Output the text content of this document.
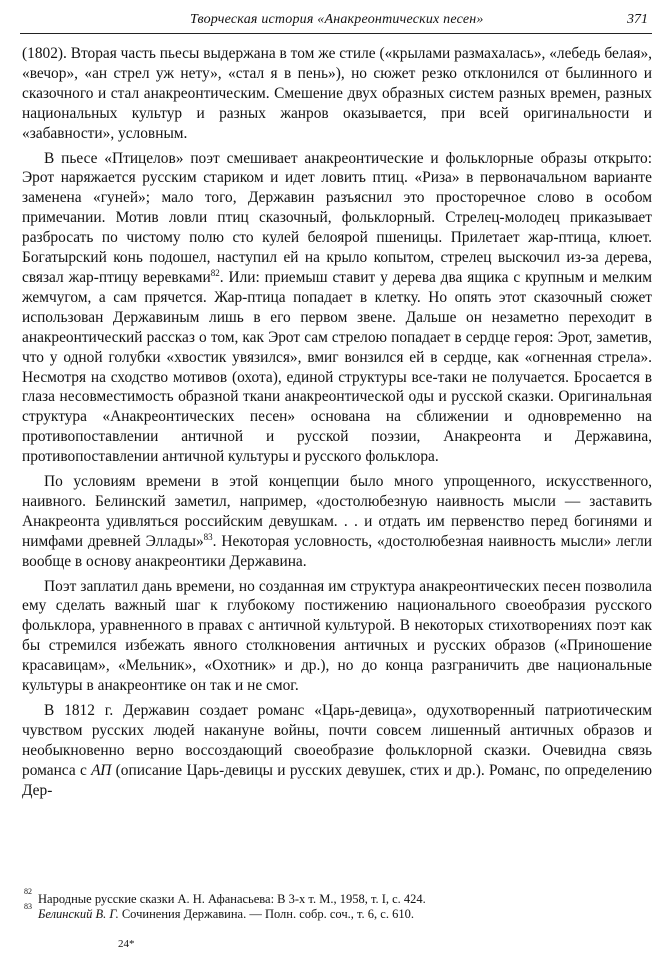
Творческая история «Анакреонтических песен»	371

(1802). Вторая часть пьесы выдержана в том же стиле («крылами размахалась», «лебедь белая», «вечор», «ан стрел уж нету», «стал я в пень»), но сюжет резко отклонился от былинного и сказочного и стал анакреонтическим. Смешение двух образных систем разных времен, разных национальных культур и разных жанров оказывается, при всей оригинальности и «забавности», условным.

В пьесе «Птицелов» поэт смешивает анакреонтические и фольклорные образы открыто: Эрот наряжается русским стариком и идет ловить птиц. «Риза» в первоначальном варианте заменена «гуней»; мало того, Державин разъяснил это просторечное слово в особом примечании. Мотив ловли птиц сказочный, фольклорный. Стрелец-молодец приказывает разбросать по чистому полю сто кулей белоярой пшеницы. Прилетает жар-птица, клюет. Богатырский конь подошел, наступил ей на крыло копытом, стрелец выскочил из-за дерева, связал жар-птицу веревками$^{82}$. Или: приемыш ставит у дерева два ящика с крупным и мелким жемчугом, а сам прячется. Жар-птица попадает в клетку. Но опять этот сказочный сюжет использован Державиным лишь в его первом звене. Дальше он незаметно переходит в анакреонтический рассказ о том, как Эрот сам стрелою попадает в сердце героя: Эрот, заметив, что у одной голубки «хвостик увязился», вмиг вонзился ей в сердце, как «огненная стрела». Несмотря на сходство мотивов (охота), единой структуры все-таки не получается. Бросается в глаза несовместимость образной ткани анакреонтической оды и русской сказки. Оригинальная структура «Анакреонтических песен» основана на сближении и одновременно на противопоставлении античной и русской поэзии, Анакреонта и Державина, противопоставлении античной культуры и русского фольклора.

По условиям времени в этой концепции было много упрощенного, искусственного, наивного. Белинский заметил, например, «достолюбезную наивность мысли — заставить Анакреонта удивляться российским девушкам. . . и отдать им первенство перед богинями и нимфами древней Эллады»$^{83}$. Некоторая условность, «достолюбезная наивность мысли» легли вообще в основу анакреонтики Державина.

Поэт заплатил дань времени, но созданная им структура анакреонтических песен позволила ему сделать важный шаг к глубокому постижению национального своеобразия русского фольклора, уравненного в правах с античной культурой. В некоторых стихотворениях поэт как бы стремился избежать явного столкновения античных и русских образов («Приношение красавицам», «Мельник», «Охотник» и др.), но до конца разграничить две национальные культуры в анакреонтике он так и не смог.

В 1812 г. Державин создает романс «Царь-девица», одухотворенный патриотическим чувством русских людей накануне войны, почти совсем лишенный античных образов и необыкновенно верно воссоздающий своеобразие фольклорной сказки. Очевидна связь романса с АП (описание Царь-девицы и русских девушек, стих и др.). Романс, по определению Дер-

82
Народные русские сказки А. Н. Афанасьева: В 3-х т. М., 1958, т. I, с. 424.
83
Белинский В. Г. Сочинения Державина. — Полн. собр. соч., т. 6, с. 610.
24*
